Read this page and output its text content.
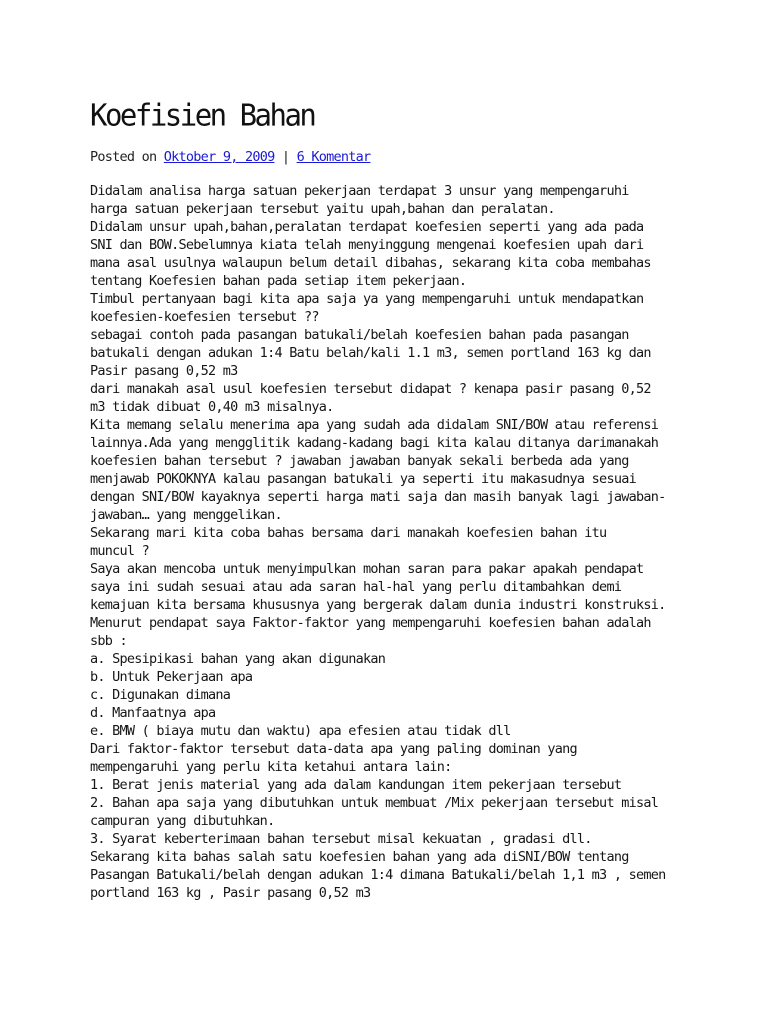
Koefisien Bahan
Posted on Oktober 9, 2009 | 6 Komentar
Didalam analisa harga satuan pekerjaan terdapat 3 unsur yang mempengaruhi
harga satuan pekerjaan tersebut yaitu upah,bahan dan peralatan.
Didalam unsur upah,bahan,peralatan terdapat koefesien seperti yang ada pada
SNI dan BOW.Sebelumnya kiata telah menyinggung mengenai koefesien upah dari
mana asal usulnya walaupun belum detail dibahas, sekarang kita coba membahas
tentang Koefesien bahan pada setiap item pekerjaan.
Timbul pertanyaan bagi kita apa saja ya yang mempengaruhi untuk mendapatkan
koefesien-koefesien tersebut ??
sebagai contoh pada pasangan batukali/belah koefesien bahan pada pasangan
batukali dengan adukan 1:4 Batu belah/kali 1.1 m3, semen portland 163 kg dan
Pasir pasang 0,52 m3
dari manakah asal usul koefesien tersebut didapat ? kenapa pasir pasang 0,52
m3 tidak dibuat 0,40 m3 misalnya.
Kita memang selalu menerima apa yang sudah ada didalam SNI/BOW atau referensi
lainnya.Ada yang mengglitik kadang-kadang bagi kita kalau ditanya darimanakah
koefesien bahan tersebut ? jawaban jawaban banyak sekali berbeda ada yang
menjawab POKOKNYA kalau pasangan batukali ya seperti itu makasudnya sesuai
dengan SNI/BOW kayaknya seperti harga mati saja dan masih banyak lagi jawaban-
jawaban… yang menggelikan.
Sekarang mari kita coba bahas bersama dari manakah koefesien bahan itu
muncul ?
Saya akan mencoba untuk menyimpulkan mohan saran para pakar apakah pendapat
saya ini sudah sesuai atau ada saran hal-hal yang perlu ditambahkan demi
kemajuan kita bersama khususnya yang bergerak dalam dunia industri konstruksi.
Menurut pendapat saya Faktor-faktor yang mempengaruhi koefesien bahan adalah
sbb :
a. Spesipikasi bahan yang akan digunakan
b. Untuk Pekerjaan apa
c. Digunakan dimana
d. Manfaatnya apa
e. BMW ( biaya mutu dan waktu) apa efesien atau tidak dll
Dari faktor-faktor tersebut data-data apa yang paling dominan yang
mempengaruhi yang perlu kita ketahui antara lain:
1. Berat jenis material yang ada dalam kandungan item pekerjaan tersebut
2. Bahan apa saja yang dibutuhkan untuk membuat /Mix pekerjaan tersebut misal
campuran yang dibutuhkan.
3. Syarat keberterimaan bahan tersebut misal kekuatan , gradasi dll.
Sekarang kita bahas salah satu koefesien bahan yang ada diSNI/BOW tentang
Pasangan Batukali/belah dengan adukan 1:4 dimana Batukali/belah 1,1 m3 , semen
portland 163 kg , Pasir pasang 0,52 m3
